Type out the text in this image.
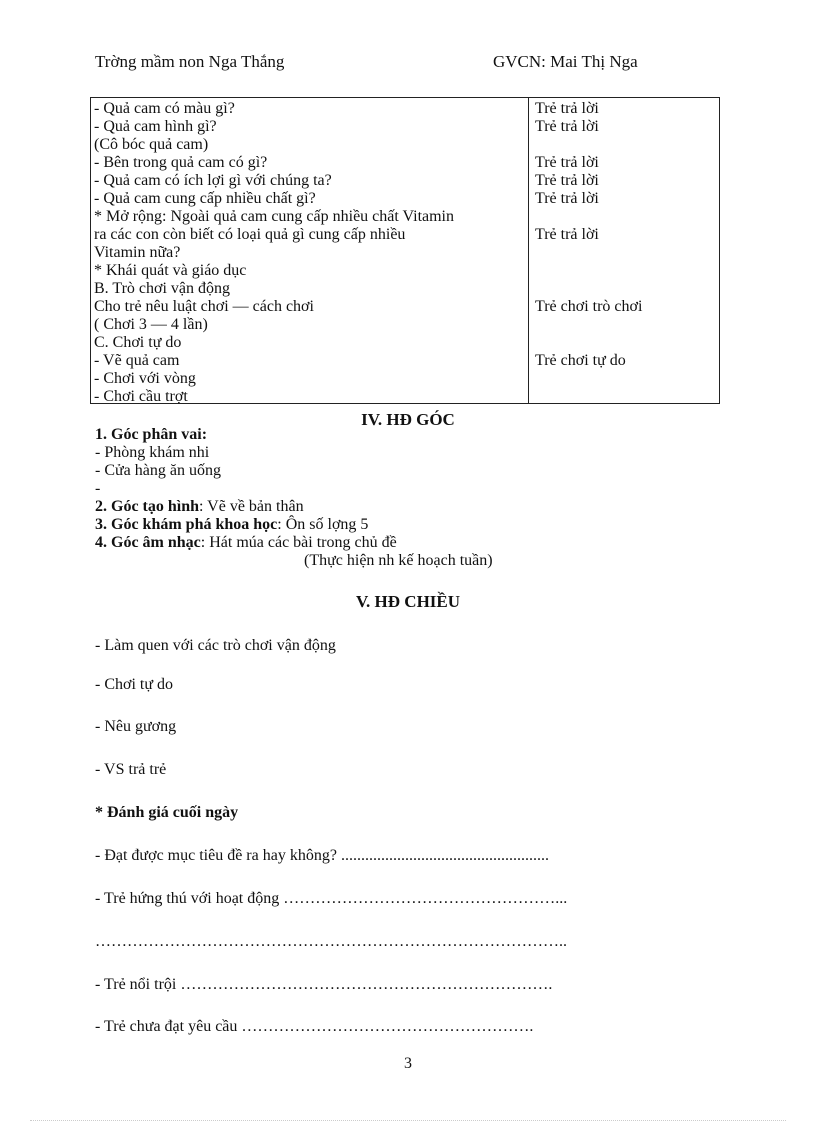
Trờng mầm non Nga Thắng	GVCN: Mai Thị Nga
- Quả cam có màu gì?
- Quả cam hình gì?
(Cô bóc quả cam)
- Bên trong quả cam có gì?
- Quả cam có ích lợi gì với chúng ta?
- Quả cam cung cấp nhiều chất gì?
* Mở rộng: Ngoài quả cam cung cấp nhiều chất Vitamin
ra các con còn biết có loại quả gì cung cấp nhiều
Vitamin nữa?
* Khái quát và giáo dục
B. Trò chơi vận động
Cho trẻ nêu luật chơi — cách chơi
( Chơi 3 — 4 lần)
C. Chơi tự do
- Vẽ quả cam
- Chơi với vòng
- Chơi cầu trợt
Trẻ trả lời
Trẻ trả lời
Trẻ trả lời
Trẻ trả lời
Trẻ trả lời
Trẻ trả lời
Trẻ chơi trò chơi
Trẻ chơi tự do
IV. HĐ GÓC
1. Góc phân vai:
- Phòng khám nhi
- Cửa hàng ăn uống
-
2. Góc tạo hình: Vẽ về bản thân
3. Góc khám phá khoa học: Ôn số lợng 5
4. Góc âm nhạc: Hát múa các bài trong chủ đề
(Thực hiện nh kế hoạch tuần)
V. HĐ CHIỀU
- Làm quen với các trò chơi vận động
- Chơi tự do
- Nêu gương
- VS trả trẻ
* Đánh giá cuối ngày
- Đạt được mục tiêu đề ra hay không? ....................................................
- Trẻ hứng thú với hoạt động ……………………………………………...
……………………………………………………………………………..
- Trẻ nổi trội …………………………………………………………….
- Trẻ chưa đạt yêu cầu ……………………………………………….
3
